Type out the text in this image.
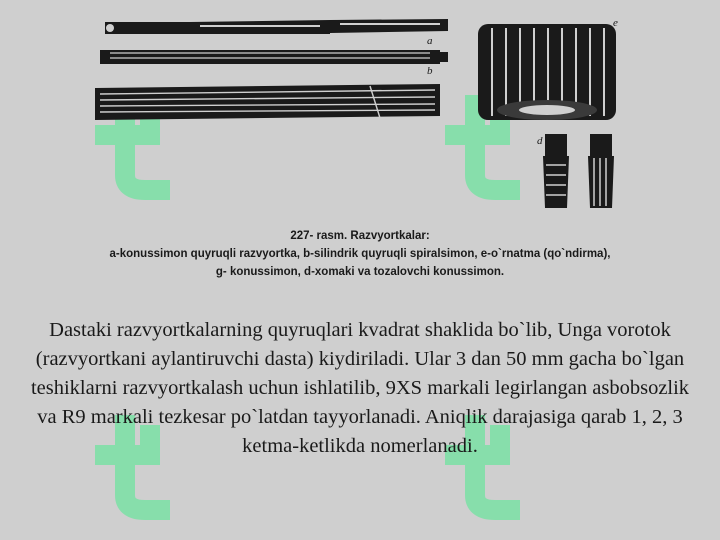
a
b
e
d
227- rasm. Razvyortkalar:
a-konussimon quyruqli razvyortka, b-silindrik quyruqli spiralsimon, e-o`rnatma (qo`ndirma),
g- konussimon, d-xomaki va tozalovchi konussimon.
Dastaki razvyortkalarning quyruqlari kvadrat shaklida bo`lib, Unga vorotok (razvyortkani aylantiruvchi dasta) kiydiriladi. Ular 3 dan 50 mm gacha bo`lgan teshiklarni razvyortkalash uchun ishlatilib, 9XS markali legirlangan asbobsozlik va R9 markali tezkesar po`latdan tayyorlanadi. Aniqlik darajasiga qarab 1, 2, 3 ketma-ketlikda nomerlanadi.
